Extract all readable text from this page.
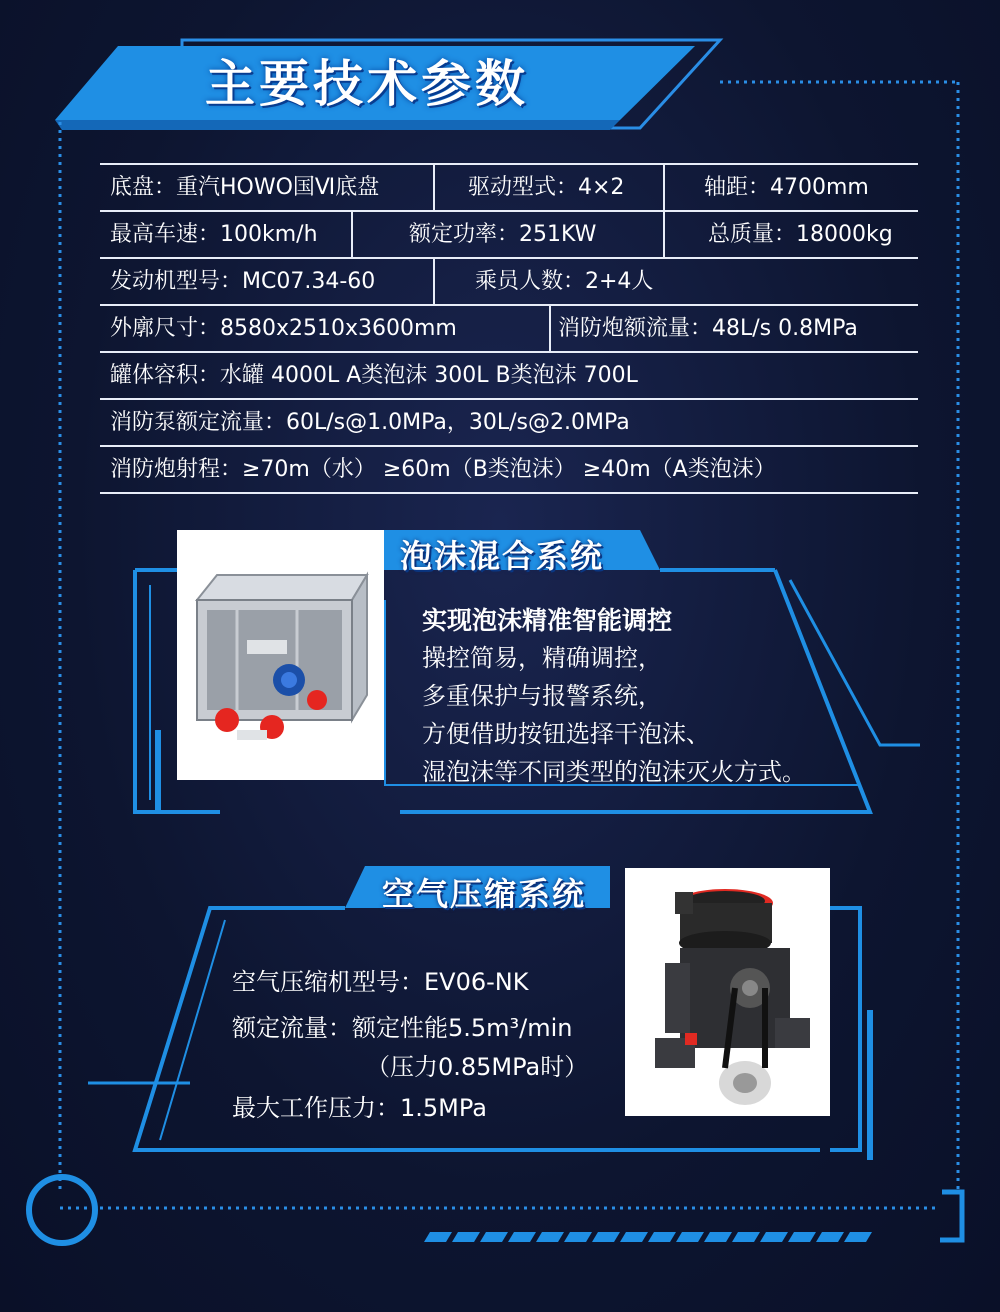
主要技术参数
底盘：重汽HOWO国Ⅵ底盘	驱动型式：4×2	轴距：4700mm
最高车速：100km/h	额定功率：251KW	总质量：18000kg
发动机型号：MC07.34-60	乘员人数：2+4人
外廓尺寸：8580x2510x3600mm	消防炮额流量：48L/s 0.8MPa
罐体容积：水罐 4000L A类泡沫 300L B类泡沫 700L
消防泵额定流量：60L/s@1.0MPa，30L/s@2.0MPa
消防炮射程：≥70m（水） ≥60m（B类泡沫） ≥40m（A类泡沫）
泡沫混合系统
实现泡沫精准智能调控
操控简易，精确调控，
多重保护与报警系统，
方便借助按钮选择干泡沫、
湿泡沫等不同类型的泡沫灭火方式。
空气压缩系统
空气压缩机型号：EV06-NK
额定流量：额定性能5.5m³/min
（压力0.85MPa时）
最大工作压力：1.5MPa
